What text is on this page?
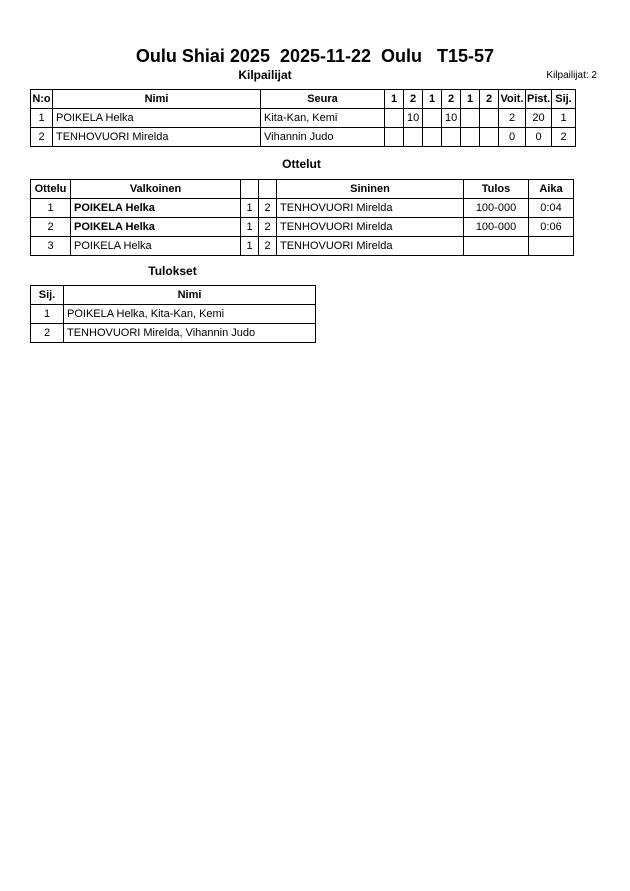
Oulu Shiai 2025  2025-11-22  Oulu   T15-57
Kilpailijat	Kilpailijat: 2
N:o	Nimi	Seura	1	2	1	2	1	2	Voit.	Pist.	Sij.
1	POIKELA Helka	Kita-Kan, Kemi		10		10			2	20	1
2	TENHOVUORI Mirelda	Vihannin Judo							0	0	2
Ottelut
Ottelu	Valkoinen			Sininen	Tulos	Aika
1	POIKELA Helka	1	2	TENHOVUORI Mirelda	100-000	0:04
2	POIKELA Helka	1	2	TENHOVUORI Mirelda	100-000	0:06
3	POIKELA Helka	1	2	TENHOVUORI Mirelda		
Tulokset
Sij.	Nimi
1	POIKELA Helka, Kita-Kan, Kemi
2	TENHOVUORI Mirelda, Vihannin Judo
